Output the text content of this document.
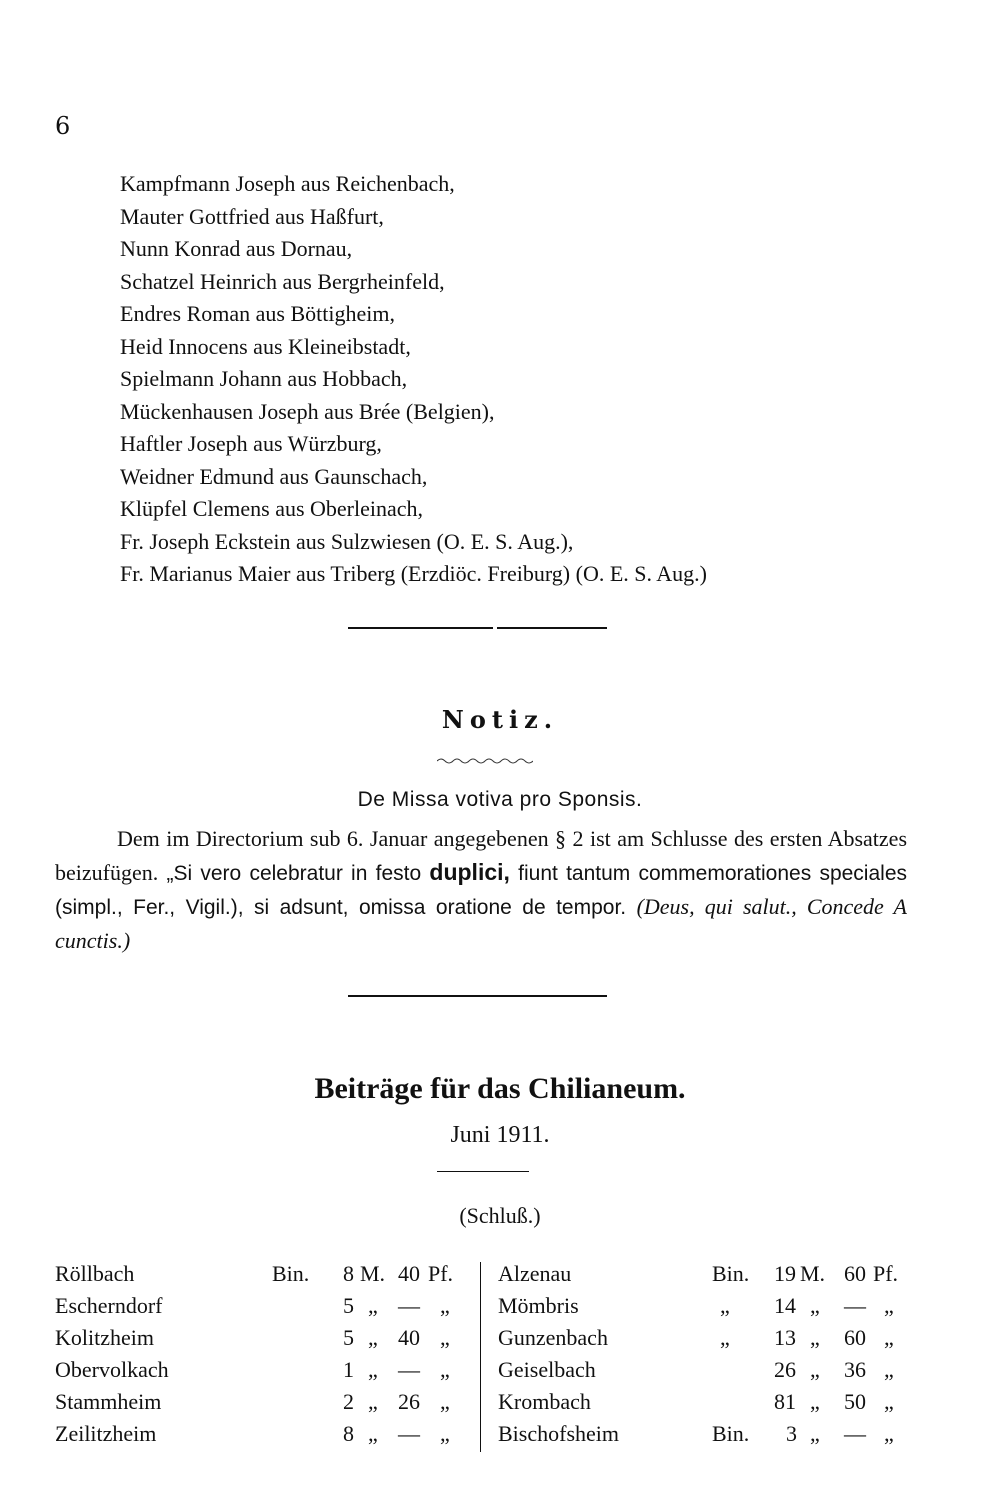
6
Kampfmann Joseph aus Reichenbach,
Mauter Gottfried aus Haßfurt,
Nunn Konrad aus Dornau,
Schatzel Heinrich aus Bergrheinfeld,
Endres Roman aus Böttigheim,
Heid Innocens aus Kleineibstadt,
Spielmann Johann aus Hobbach,
Mückenhausen Joseph aus Brée (Belgien),
Haftler Joseph aus Würzburg,
Weidner Edmund aus Gaunschach,
Klüpfel Clemens aus Oberleinach,
Fr. Joseph Eckstein aus Sulzwiesen (O. E. S. Aug.),
Fr. Marianus Maier aus Triberg (Erzdiöc. Freiburg) (O. E. S. Aug.)
Notiz.
De Missa votiva pro Sponsis.

Dem im Directorium sub 6. Januar angegebenen § 2 ist am Schlusse des ersten Absatzes beizufügen. „Si vero celebratur in festo duplici, fiunt tantum commemorationes speciales (simpl., Fer., Vigil.), si adsunt, omissa oratione de tempor. (Deus, qui salut., Concede A cunctis.)

Beiträge für das Chilianeum.
Juni 1911.
(Schluß.)
Röllbach	Bin. 8 M. 40 Pf.
Escherndorf	5 „ — „
Kolitzheim	5 „ 40 „
Obervolkach	1 „ — „
Stammheim	2 „ 26 „
Zeilitzheim	8 „ — „
Alzenau	Bin. 19 M. 60 Pf.
Mömbris	„ 14 „ — „
Gunzenbach	„ 13 „ 60 „
Geiselbach	26 „ 36 „
Krombach	81 „ 50 „
Bischofsheim	Bin. 3 „ — „
